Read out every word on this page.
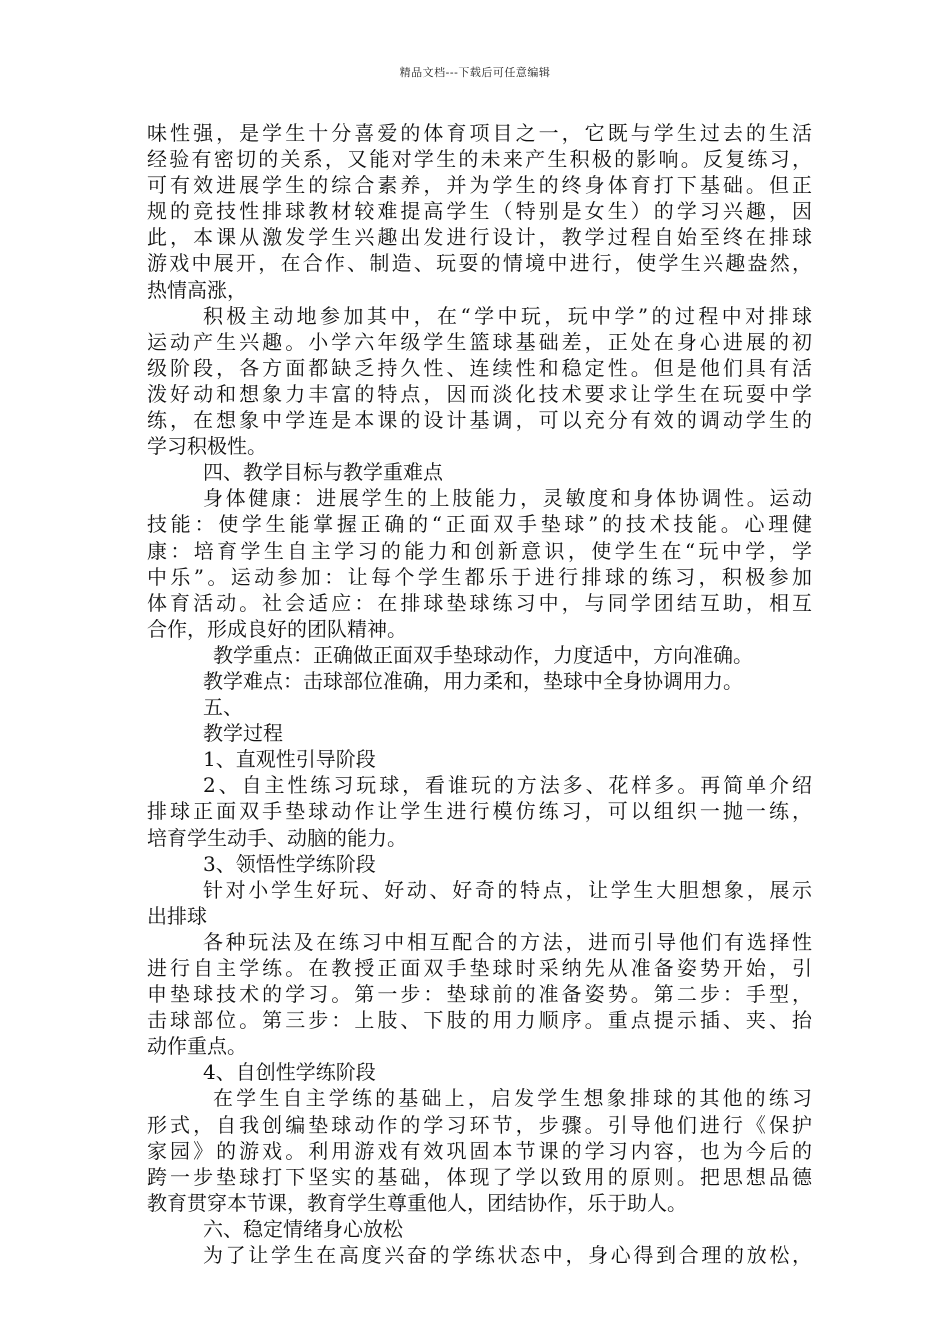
精品文档---下载后可任意编辑
味性强，是学生十分喜爱的体育项目之一，它既与学生过去的生活
经验有密切的关系，又能对学生的未来产生积极的影响。反复练习，
可有效进展学生的综合素养，并为学生的终身体育打下基础。但正
规的竞技性排球教材较难提高学生（特别是女生）的学习兴趣，因
此，本课从激发学生兴趣出发进行设计，教学过程自始至终在排球
游戏中展开，在合作、制造、玩耍的情境中进行，使学生兴趣盎然，
热情高涨，
积极主动地参加其中，在“学中玩，玩中学”的过程中对排球
运动产生兴趣。小学六年级学生篮球基础差，正处在身心进展的初
级阶段，各方面都缺乏持久性、连续性和稳定性。但是他们具有活
泼好动和想象力丰富的特点，因而淡化技术要求让学生在玩耍中学
练，在想象中学连是本课的设计基调，可以充分有效的调动学生的
学习积极性。
四、教学目标与教学重难点
身体健康：进展学生的上肢能力，灵敏度和身体协调性。运动
技能：使学生能掌握正确的“正面双手垫球”的技术技能。心理健
康：培育学生自主学习的能力和创新意识，使学生在“玩中学，学
中乐”。运动参加：让每个学生都乐于进行排球的练习，积极参加
体育活动。社会适应：在排球垫球练习中，与同学团结互助，相互
合作，形成良好的团队精神。
教学重点：正确做正面双手垫球动作，力度适中，方向准确。
教学难点：击球部位准确，用力柔和，垫球中全身协调用力。
五、
教学过程
1、直观性引导阶段
2、自主性练习玩球，看谁玩的方法多、花样多。再简单介绍
排球正面双手垫球动作让学生进行模仿练习，可以组织一抛一练，
培育学生动手、动脑的能力。
3、领悟性学练阶段
针对小学生好玩、好动、好奇的特点，让学生大胆想象，展示
出排球
各种玩法及在练习中相互配合的方法，进而引导他们有选择性
进行自主学练。在教授正面双手垫球时采纳先从准备姿势开始，引
申垫球技术的学习。第一步：垫球前的准备姿势。第二步：手型，
击球部位。第三步：上肢、下肢的用力顺序。重点提示插、夹、抬
动作重点。
4、自创性学练阶段
在学生自主学练的基础上，启发学生想象排球的其他的练习
形式，自我创编垫球动作的学习环节，步骤。引导他们进行《保护
家园》的游戏。利用游戏有效巩固本节课的学习内容，也为今后的
跨一步垫球打下坚实的基础，体现了学以致用的原则。把思想品德
教育贯穿本节课，教育学生尊重他人，团结协作，乐于助人。
六、稳定情绪身心放松
为了让学生在高度兴奋的学练状态中，身心得到合理的放松，
